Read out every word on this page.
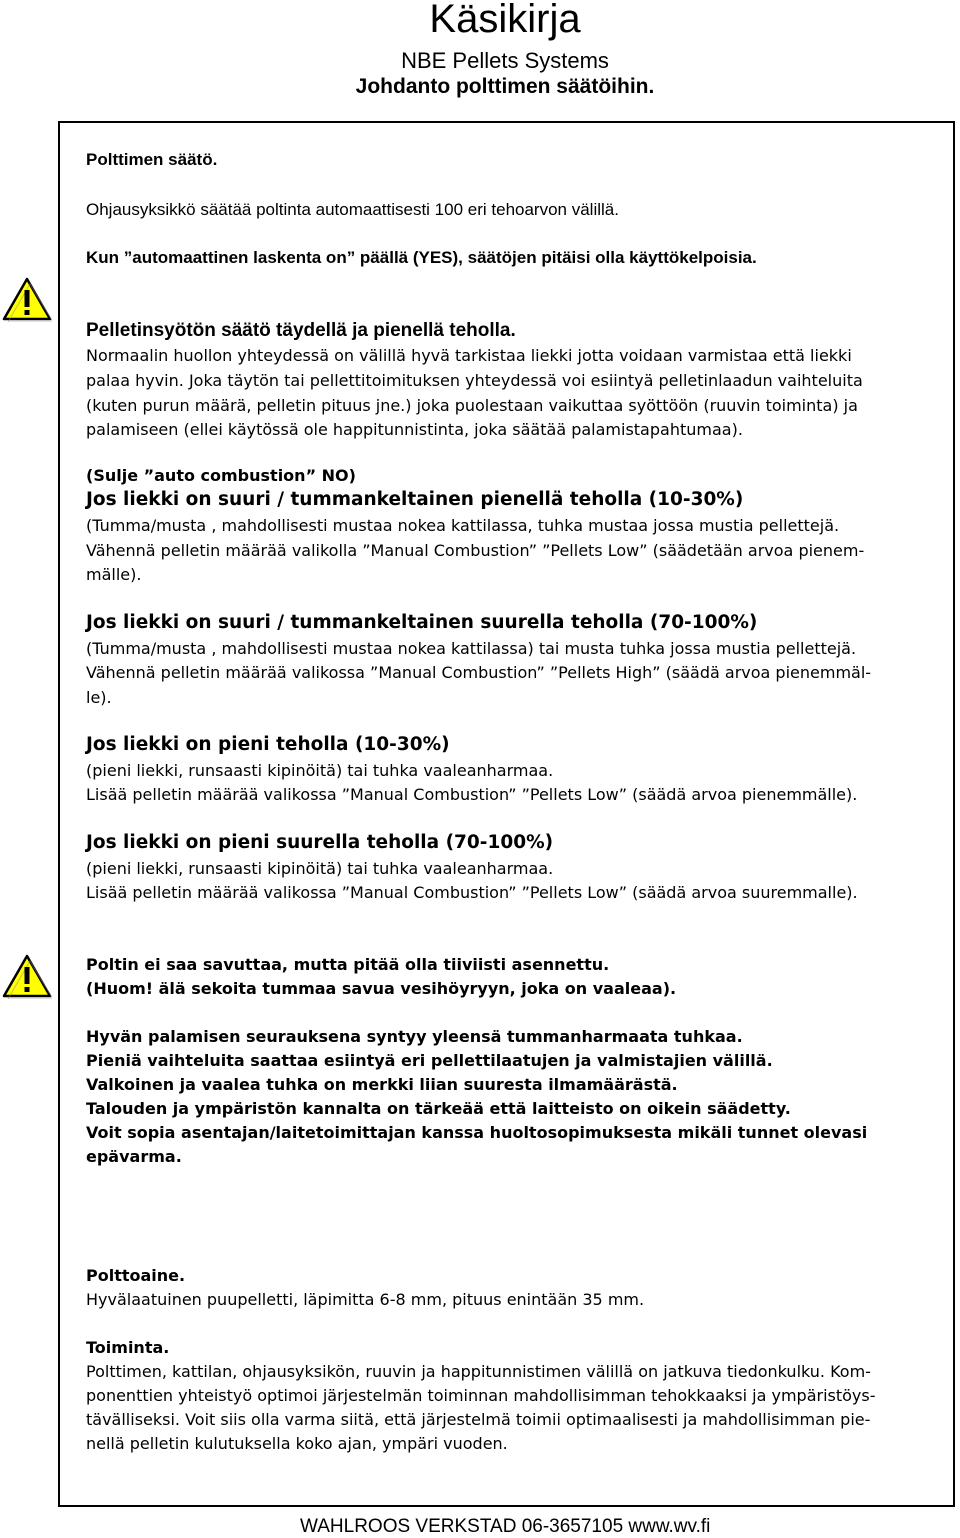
Käsikirja
NBE Pellets Systems
Johdanto polttimen säätöihin.
Polttimen säätö.
Ohjausyksikkö säätää poltinta automaattisesti 100 eri tehoarvon välillä.
Kun ”automaattinen laskenta on” päällä (YES), säätöjen pitäisi olla käyttökelpoisia.
Pelletinsyötön säätö täydellä ja pienellä teholla.
Normaalin huollon yhteydessä on välillä hyvä tarkistaa liekki jotta voidaan varmistaa että liekki
palaa hyvin. Joka täytön tai pellettitoimituksen yhteydessä voi esiintyä pelletinlaadun vaihteluita
(kuten purun määrä, pelletin pituus jne.) joka puolestaan vaikuttaa syöttöön (ruuvin toiminta) ja
palamiseen (ellei käytössä ole happitunnistinta, joka säätää palamistapahtumaa).
(Sulje ”auto combustion” NO)
Jos liekki on suuri / tummankeltainen pienellä teholla (10-30%)
(Tumma/musta , mahdollisesti mustaa nokea kattilassa, tuhka mustaa jossa mustia pellettejä.
Vähennä pelletin määrää valikolla ”Manual Combustion” ”Pellets Low” (säädetään arvoa pienem-
mälle).
Jos liekki on suuri / tummankeltainen suurella teholla (70-100%)
(Tumma/musta , mahdollisesti mustaa nokea kattilassa) tai musta tuhka jossa mustia pellettejä.
Vähennä pelletin määrää valikossa ”Manual Combustion” ”Pellets High” (säädä arvoa pienemmäl-
le).
Jos liekki on pieni teholla (10-30%)
(pieni liekki, runsaasti kipinöitä) tai tuhka vaaleanharmaa.
Lisää pelletin määrää valikossa ”Manual Combustion” ”Pellets Low” (säädä arvoa pienemmälle).
Jos liekki on pieni suurella teholla (70-100%)
(pieni liekki, runsaasti kipinöitä) tai tuhka vaaleanharmaa.
Lisää pelletin määrää valikossa ”Manual Combustion” ”Pellets Low” (säädä arvoa suuremmalle).
Poltin ei saa savuttaa, mutta pitää olla tiiviisti asennettu.
(Huom! älä sekoita tummaa savua vesihöyryyn, joka on vaaleaa).
Hyvän palamisen seurauksena syntyy yleensä tummanharmaata tuhkaa.
Pieniä vaihteluita saattaa esiintyä eri pellettilaatujen ja valmistajien välillä.
Valkoinen ja vaalea tuhka on merkki liian suuresta ilmamäärästä.
Talouden ja ympäristön kannalta on tärkeää että laitteisto on oikein säädetty.
Voit sopia asentajan/laitetoimittajan kanssa huoltosopimuksesta mikäli tunnet olevasi
epävarma.
Polttoaine.
Hyvälaatuinen puupelletti, läpimitta 6-8 mm, pituus enintään 35 mm.
Toiminta.
Polttimen, kattilan, ohjausyksikön, ruuvin ja happitunnistimen välillä on jatkuva tiedonkulku. Kom-
ponenttien yhteistyö optimoi järjestelmän toiminnan mahdollisimman tehokkaaksi ja ympäristöys-
tävälliseksi. Voit siis olla varma siitä, että järjestelmä toimii optimaalisesti ja mahdollisimman pie-
nellä pelletin kulutuksella koko ajan, ympäri vuoden.
WAHLROOS VERKSTAD 06-3657105 www.wv.fi
